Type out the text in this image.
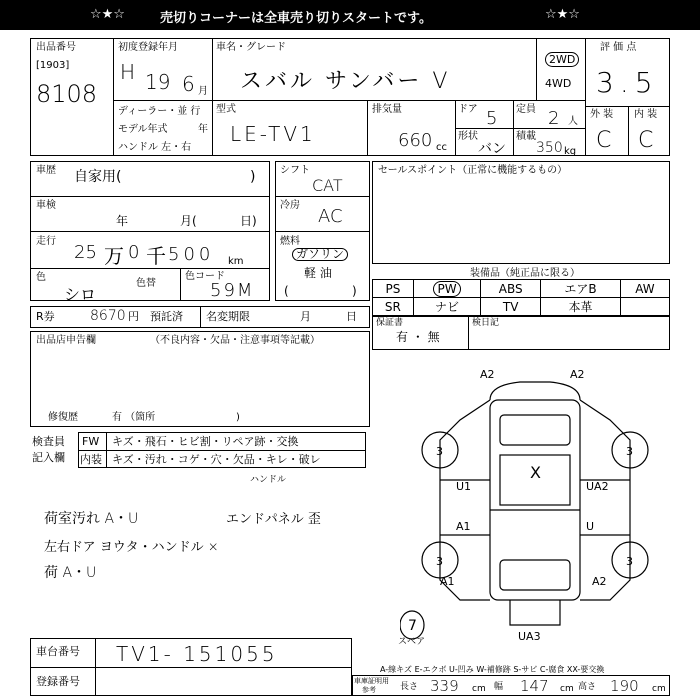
☆★☆	売切りコーナーは全車売り切りスタートです。	☆★☆
出品番号
[1903]
8108
初度登録年月
H 19 6 月
車名・グレード
スバル サンバー V
2WD
4WD
評 価 点
3.5
ディーラー・並 行
モデル年式	年
ハンドル 左・右
型式
LE-TV1
排気量
660 cc
ドア 5 定員 2 人
形状
バン
積載
350 kg
外 装 内 装
C C
車歴 自家用(	)
車検
年	月(	日)
走行
25 万 0 千 500 km
色
シロ
色替
色コード
59M
シフト
CAT
冷房
AC
燃料
ガソリン
軽 油
(	)
セールスポイント（正常に機能するもの）
装備品（純正品に限る）
PS	PW	ABS	エアB	AW
SR	ナビ	TV	本革	
R券	8670 円 預託済 名変期限	月	日 保証書
有 ・ 無
検日記
出品店申告欄	（不良内容・欠品・注意事項等記載）
修復歴	有 （箇所	)
検査員
記入欄
FW キズ・飛石・ヒビ割・リペア跡・交換
内装 キズ・汚れ・コゲ・穴・欠品・キレ・破レ
ハンドル
荷室汚れ A・U	エンドパネル 歪
左右ドア ヨウタ・ハンドル ×
荷 A・U
A2	A2
3	3
U1	UA2
A1	U
3	3
A1	A2
UA3
X
7
スペア
車台番号 TV1- 151055
登録番号
A-線キズ E-エクボ U-凹み W-補修跡 S-サビ C-腐食 XX-要交換
車庫証明用
参考	長さ 339 cm 幅 147 cm 高さ 190 cm
